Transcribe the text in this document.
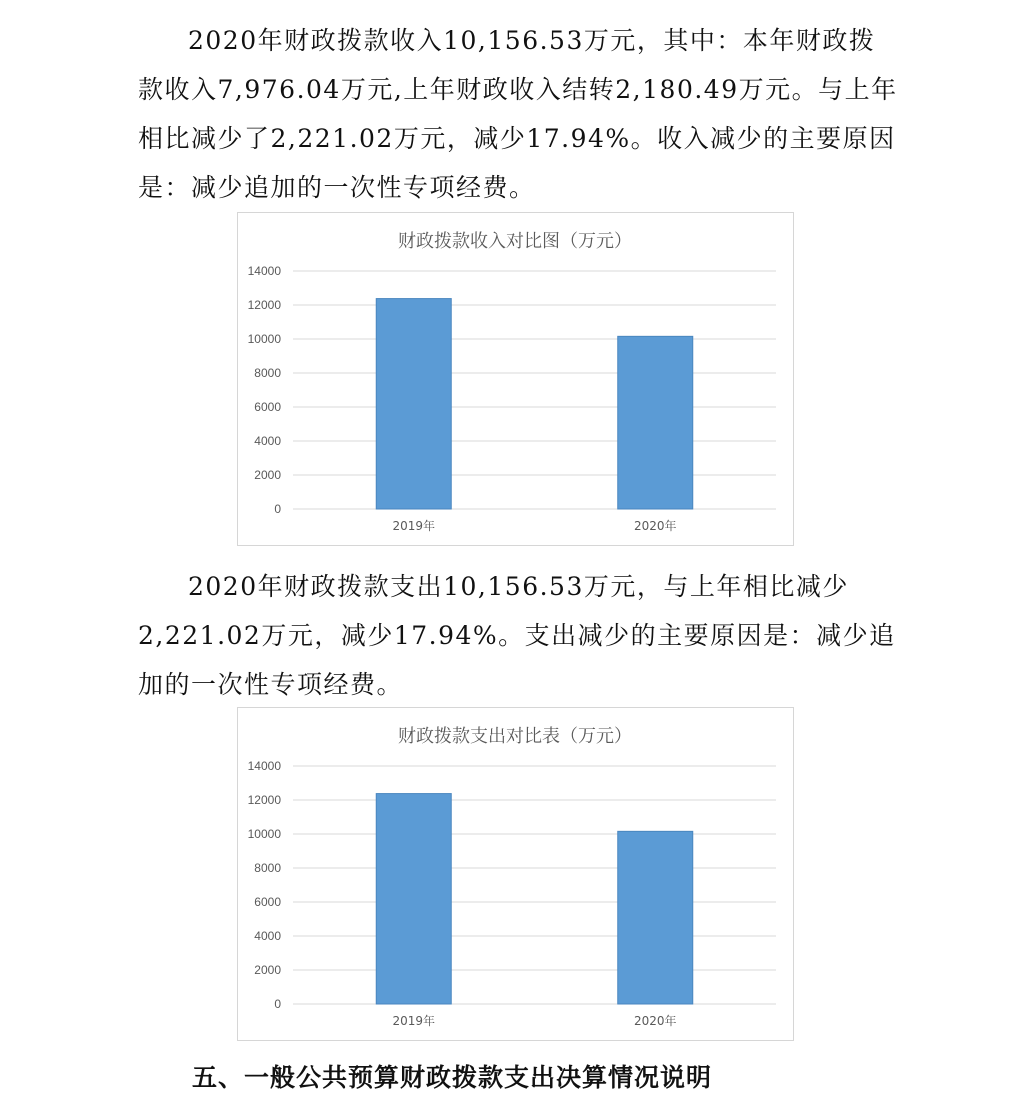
2020年财政拨款收入10,156.53万元，其中：本年财政拨款收入7,976.04万元,上年财政收入结转2,180.49万元。与上年相比减少了2,221.02万元，减少17.94%。收入减少的主要原因是：减少追加的一次性专项经费。

财政拨款收入对比图（万元）
0
2000
4000
6000
8000
10000
12000
14000
2019年	2020年

2020年财政拨款支出10,156.53万元，与上年相比减少2,221.02万元，减少17.94%。支出减少的主要原因是：减少追加的一次性专项经费。

财政拨款支出对比表（万元）
0
2000
4000
6000
8000
10000
12000
14000
2019年	2020年
五、一般公共预算财政拨款支出决算情况说明
